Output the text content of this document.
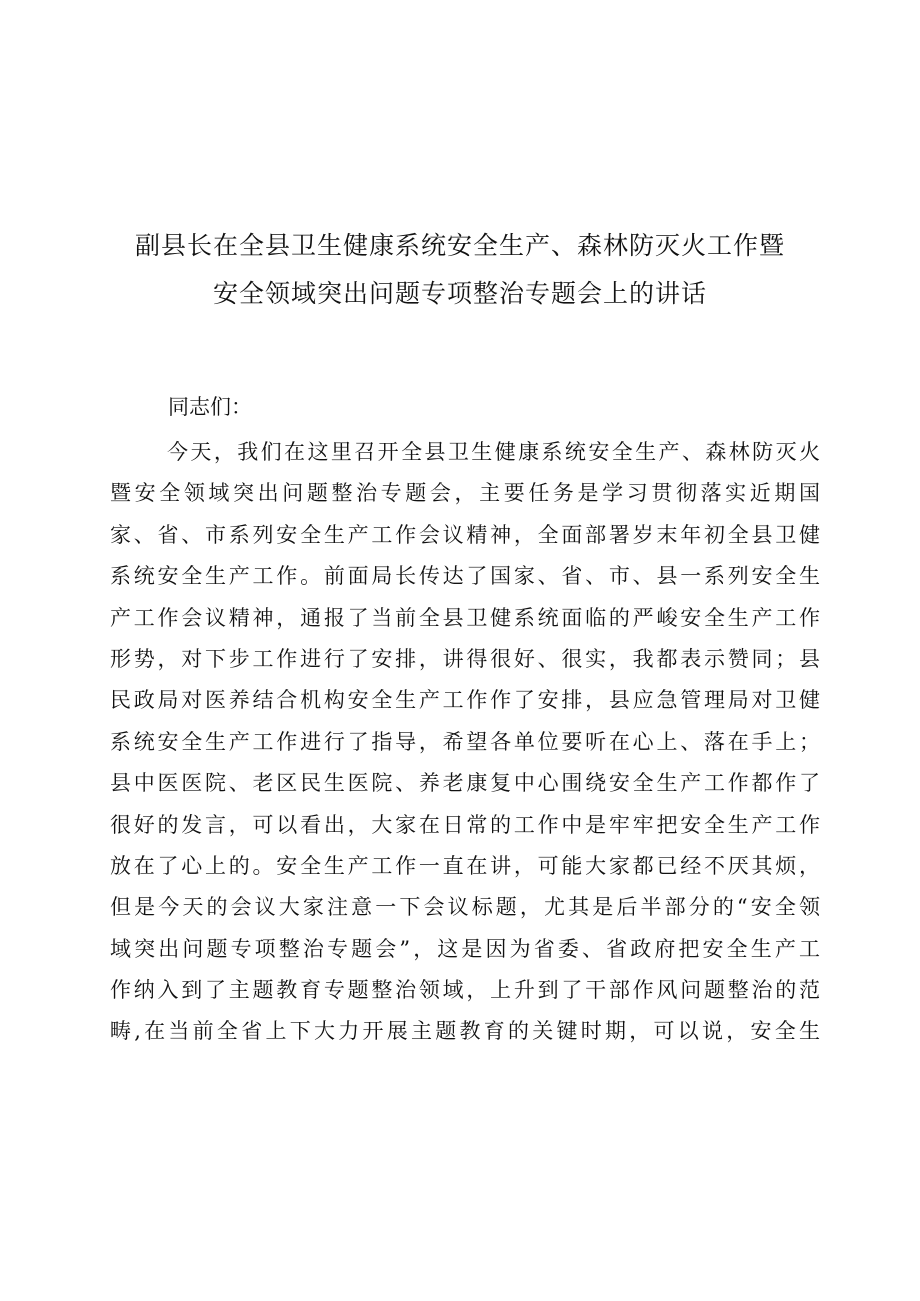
副县长在全县卫生健康系统安全生产、森林防灭火工作暨
安全领域突出问题专项整治专题会上的讲话
同志们：
今天，我们在这里召开全县卫生健康系统安全生产、森林防灭火
暨安全领域突出问题整治专题会，主要任务是学习贯彻落实近期国
家、省、市系列安全生产工作会议精神，全面部署岁末年初全县卫健
系统安全生产工作。前面局长传达了国家、省、市、县一系列安全生
产工作会议精神，通报了当前全县卫健系统面临的严峻安全生产工作
形势，对下步工作进行了安排，讲得很好、很实，我都表示赞同；县
民政局对医养结合机构安全生产工作作了安排，县应急管理局对卫健
系统安全生产工作进行了指导，希望各单位要听在心上、落在手上；
县中医医院、老区民生医院、养老康复中心围绕安全生产工作都作了
很好的发言，可以看出，大家在日常的工作中是牢牢把安全生产工作
放在了心上的。安全生产工作一直在讲，可能大家都已经不厌其烦，
但是今天的会议大家注意一下会议标题，尤其是后半部分的“安全领
域突出问题专项整治专题会”，这是因为省委、省政府把安全生产工
作纳入到了主题教育专题整治领域，上升到了干部作风问题整治的范
畴,在当前全省上下大力开展主题教育的关键时期，可以说，安全生
